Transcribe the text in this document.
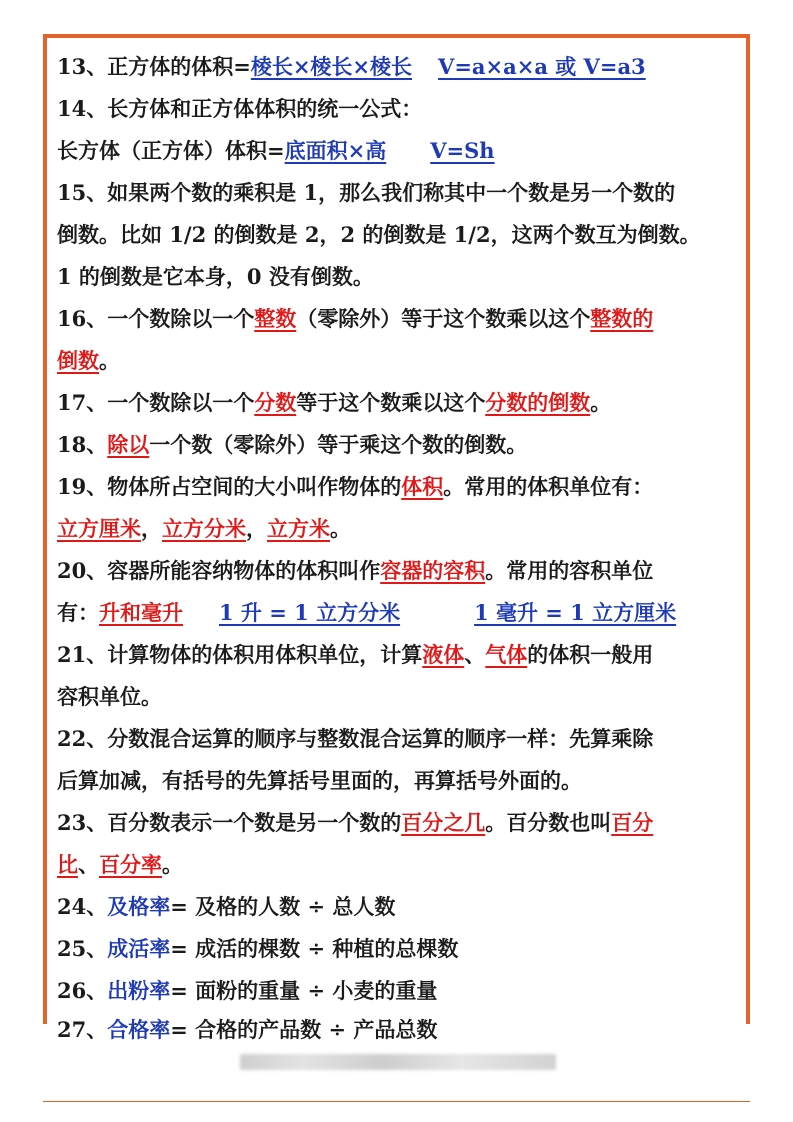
13、正方体的体积=棱长×棱长×棱长 V=a×a×a 或 V=a3
14、长方体和正方体体积的统一公式：
长方体（正方体）体积=底面积×高 V=Sh
15、如果两个数的乘积是 1，那么我们称其中一个数是另一个数的
倒数。比如 1/2 的倒数是 2，2 的倒数是 1/2，这两个数互为倒数。
1 的倒数是它本身，0 没有倒数。
16、一个数除以一个整数（零除外）等于这个数乘以这个整数的
倒数。
17、一个数除以一个分数等于这个数乘以这个分数的倒数。
18、除以一个数（零除外）等于乘这个数的倒数。
19、物体所占空间的大小叫作物体的体积。常用的体积单位有：
立方厘米，立方分米，立方米。
20、容器所能容纳物体的体积叫作容器的容积。常用的容积单位
有：升和毫升 1 升 = 1 立方分米	1 毫升 = 1 立方厘米
21、计算物体的体积用体积单位，计算液体、气体的体积一般用
容积单位。
22、分数混合运算的顺序与整数混合运算的顺序一样：先算乘除
后算加减，有括号的先算括号里面的，再算括号外面的。
23、百分数表示一个数是另一个数的百分之几。百分数也叫百分
比、百分率。
24、及格率= 及格的人数 ÷ 总人数
25、成活率= 成活的棵数 ÷ 种植的总棵数
26、出粉率= 面粉的重量 ÷ 小麦的重量
27、合格率= 合格的产品数 ÷ 产品总数
